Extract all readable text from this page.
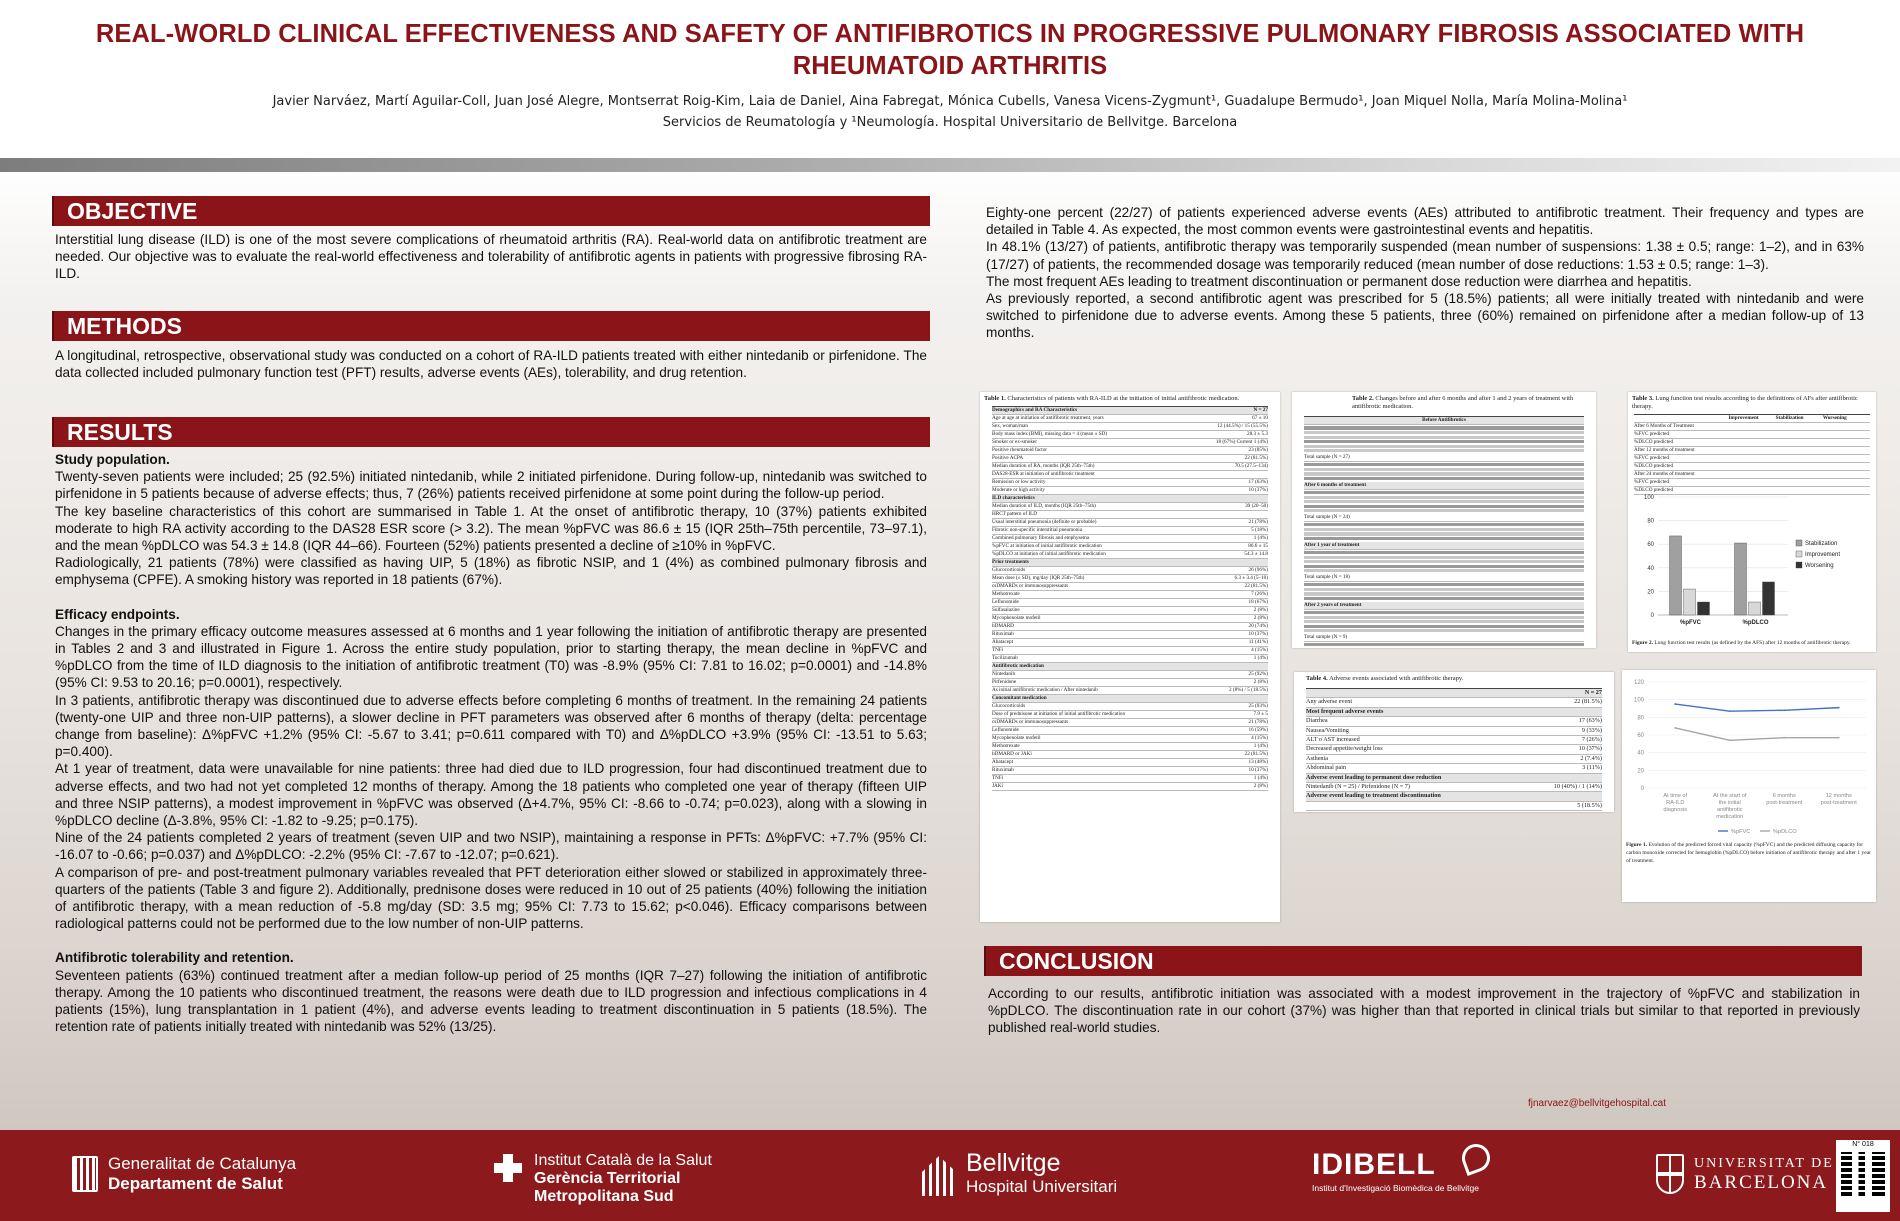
REAL-WORLD CLINICAL EFFECTIVENESS AND SAFETY OF ANTIFIBROTICS IN PROGRESSIVE PULMONARY FIBROSIS ASSOCIATED WITH RHEUMATOID ARTHRITIS
Javier Narváez, Martí Aguilar-Coll, Juan José Alegre, Montserrat Roig-Kim, Laia de Daniel, Aina Fabregat, Mónica Cubells, Vanesa Vicens-Zygmunt¹, Guadalupe Bermudo¹, Joan Miquel Nolla, María Molina-Molina¹
Servicios de Reumatología y ¹Neumología. Hospital Universitario de Bellvitge. Barcelona
OBJECTIVE

Interstitial lung disease (ILD) is one of the most severe complications of rheumatoid arthritis (RA). Real-world data on antifibrotic treatment are needed. Our objective was to evaluate the real-world effectiveness and tolerability of antifibrotic agents in patients with progressive fibrosing RA-ILD.

METHODS

A longitudinal, retrospective, observational study was conducted on a cohort of RA-ILD patients treated with either nintedanib or pirfenidone. The data collected included pulmonary function test (PFT) results, adverse events (AEs), tolerability, and drug retention.

RESULTS

Study population.

Twenty-seven patients were included; 25 (92.5%) initiated nintedanib, while 2 initiated pirfenidone. During follow-up, nintedanib was switched to pirfenidone in 5 patients because of adverse effects; thus, 7 (26%) patients received pirfenidone at some point during the follow-up period.

The key baseline characteristics of this cohort are summarised in Table 1. At the onset of antifibrotic therapy, 10 (37%) patients exhibited moderate to high RA activity according to the DAS28 ESR score (> 3.2). The mean %pFVC was 86.6 ± 15 (IQR 25th–75th percentile, 73–97.1), and the mean %pDLCO was 54.3 ± 14.8 (IQR 44–66). Fourteen (52%) patients presented a decline of ≥10% in %pFVC.

Radiologically, 21 patients (78%) were classified as having UIP, 5 (18%) as fibrotic NSIP, and 1 (4%) as combined pulmonary fibrosis and emphysema (CPFE). A smoking history was reported in 18 patients (67%).

Efficacy endpoints.

Changes in the primary efficacy outcome measures assessed at 6 months and 1 year following the initiation of antifibrotic therapy are presented in Tables 2 and 3 and illustrated in Figure 1. Across the entire study population, prior to starting therapy, the mean decline in %pFVC and %pDLCO from the time of ILD diagnosis to the initiation of antifibrotic treatment (T0) was -8.9% (95% CI: 7.81 to 16.02; p=0.0001) and -14.8% (95% CI: 9.53 to 20.16; p=0.0001), respectively.

In 3 patients, antifibrotic therapy was discontinued due to adverse effects before completing 6 months of treatment. In the remaining 24 patients (twenty-one UIP and three non-UIP patterns), a slower decline in PFT parameters was observed after 6 months of therapy (delta: percentage change from baseline): Δ%pFVC +1.2% (95% CI: -5.67 to 3.41; p=0.611 compared with T0) and Δ%pDLCO +3.9% (95% CI: -13.51 to 5.63; p=0.400).

At 1 year of treatment, data were unavailable for nine patients: three had died due to ILD progression, four had discontinued treatment due to adverse effects, and two had not yet completed 12 months of therapy. Among the 18 patients who completed one year of therapy (fifteen UIP and three NSIP patterns), a modest improvement in %pFVC was observed (Δ+4.7%, 95% CI: -8.66 to -0.74; p=0.023), along with a slowing in %pDLCO decline (Δ-3.8%, 95% CI: -1.82 to -9.25; p=0.175).

Nine of the 24 patients completed 2 years of treatment (seven UIP and two NSIP), maintaining a response in PFTs: Δ%pFVC: +7.7% (95% CI: -16.07 to -0.66; p=0.037) and Δ%pDLCO: -2.2% (95% CI: -7.67 to -12.07; p=0.621).

A comparison of pre- and post-treatment pulmonary variables revealed that PFT deterioration either slowed or stabilized in approximately three-quarters of the patients (Table 3 and figure 2). Additionally, prednisone doses were reduced in 10 out of 25 patients (40%) following the initiation of antifibrotic therapy, with a mean reduction of -5.8 mg/day (SD: 3.5 mg; 95% CI: 7.73 to 15.62; p<0.046). Efficacy comparisons between radiological patterns could not be performed due to the low number of non-UIP patterns.

Antifibrotic tolerability and retention.

Seventeen patients (63%) continued treatment after a median follow-up period of 25 months (IQR 7–27) following the initiation of antifibrotic therapy. Among the 10 patients who discontinued treatment, the reasons were death due to ILD progression and infectious complications in 4 patients (15%), lung transplantation in 1 patient (4%), and adverse events leading to treatment discontinuation in 5 patients (18.5%). The retention rate of patients initially treated with nintedanib was 52% (13/25).

Eighty-one percent (22/27) of patients experienced adverse events (AEs) attributed to antifibrotic treatment. Their frequency and types are detailed in Table 4. As expected, the most common events were gastrointestinal events and hepatitis.

In 48.1% (13/27) of patients, antifibrotic therapy was temporarily suspended (mean number of suspensions: 1.38 ± 0.5; range: 1–2), and in 63% (17/27) of patients, the recommended dosage was temporarily reduced (mean number of dose reductions: 1.53 ± 0.5; range: 1–3).

The most frequent AEs leading to treatment discontinuation or permanent dose reduction were diarrhea and hepatitis.

As previously reported, a second antifibrotic agent was prescribed for 5 (18.5%) patients; all were initially treated with nintedanib and were switched to pirfenidone due to adverse events. Among these 5 patients, three (60%) remained on pirfenidone after a median follow-up of 13 months.

Table 1. Characteristics of patients with RA-ILD at the initiation of initial antifibrotic medication.
Demographics and RA Characteristics	N = 27
Age at age at initiation of antifibrotic treatment, years	67 ± 10
Sex, woman/man	12 (44.5%) / 15 (55.5%)
Body mass index (BMI), missing data = 4 (mean ± SD)	28.3 ± 5.3
Smoker or ex-smoker	18 (67%) Current 1 (4%)
Positive rheumatoid factor	23 (85%)
Positive ACPA	22 (81.5%)
Median duration of RA, months (IQR 25th–75th)	70.5 (27.5–134)
DAS28-ESR at initiation of antifibrotic treatment
Remission or low activity	17 (63%)
Moderate or high activity	10 (37%)
ILD characteristics
Median duration of ILD, months (IQR 25th–75th)	39 (20–50)
HRCT pattern of ILD
Usual interstitial pneumonia (definite or probable)	21 (78%)
Fibrotic non-specific interstitial pneumonia	5 (18%)
Combined pulmonary fibrosis and emphysema	1 (4%)
%pFVC at initiation of initial antifibrotic medication	86.6 ± 15
%pDLCO at initiation of initial antifibrotic medication	54.3 ± 14.8
Prior treatments
Glucocorticoids	26 (96%)
Mean dose (± SD), mg/day (IQR 25th–75th)	6.3 ± 3.4 (5–10)
csDMARDs or immunosuppressants	22 (81.5%)
Methotrexate	7 (26%)
Leflunomide	18 (67%)
Sulfasalazine	2 (8%)
Mycophenolate mofetil	2 (8%)
bDMARD	20 (74%)
Rituximab	10 (37%)
Abatacept	11 (41%)
TNFi	4 (15%)
Tocilizumab	1 (4%)
Antifibrotic medication
Nintedanib	25 (92%)
Pirfenidone	2 (8%)
As initial antifibrotic medication / After nintedanib	2 (8%) / 5 (18.5%)
Concomitant medication
Glucocorticoids	25 (93%)
Dose of prednisone at initiation of initial antifibrotic medication	7.9 ± 5
csDMARDs or immunosuppressants	21 (78%)
Leflunomide	16 (59%)
Mycophenolate mofetil	4 (15%)
Methotrexate	1 (4%)
bDMARD or JAKi	22 (81.5%)
Abatacept	13 (48%)
Rituximab	10 (37%)
TNFi	1 (4%)
JAKi	2 (8%)
Table 2. Changes before and after 6 months and after 1 and 2 years of treatment with antifibrotic medication.
Before Antifibrotics
Total sample (N = 27)
After 6 months of treatment
Total sample (N = 24)
After 1 year of treatment
Total sample (N = 18)
After 2 years of treatment
Total sample (N = 9)
Table 3. Lung function test results according to the definitions of AFs after antifibrotic therapy.
Improvement	Stabilization	Worsening
After 6 Months of Treatment
%FVC predicted
%DLCO predicted
After 12 months of treatment
%FVC predicted
%DLCO predicted
After 24 months of treatment
%FVC predicted
%DLCO predicted
0
20
40
60
80
100
%pFVC	%pDLCO
Stabilization
Improvement
Worsening
Figure 2. Lung function test results (as defined by the AFS) after 12 months of antifibrotic therapy.
Table 4. Adverse events associated with antifibrotic therapy.
N = 27
Any adverse event	22 (81.5%)
Most frequent adverse events
Diarrhea	17 (63%)
Nausea/Vomiting	9 (33%)
ALT o AST increased	7 (26%)
Decreased appetite/weight loss	10 (37%)
Asthenia	2 (7.4%)
Abdominal pain	3 (11%)
Adverse event leading to permanent dose reduction
Nintedanib (N = 25) / Pirfenidone (N = 7)	10 (40%) / 1 (14%)
Adverse event leading to treatment discontinuation
5 (18.5%)
0
20
40
60
80
100
120
At time of RA-ILD diagnosis
At the start of the initial antifibrotic medication
6 months post-treatment
12 months post-treatment
%pFVC	%pDLCO
Figure 1. Evolution of the predicted forced vital capacity (%pFVC) and the predicted diffusing capacity for carbon monoxide corrected for hemoglobin (%pDLCO) before initiation of antifibrotic therapy and after 1 year of treatment.
CONCLUSION

According to our results, antifibrotic initiation was associated with a modest improvement in the trajectory of %pFVC and stabilization in %pDLCO. The discontinuation rate in our cohort (37%) was higher than that reported in clinical trials but similar to that reported in previously published real-world studies.

fjnarvaez@bellvitgehospital.cat
Generalitat de Catalunya
Departament de Salut
Institut Català de la Salut
Gerència Territorial
Metropolitana Sud
Bellvitge
Hospital Universitari
IDIBELL
Institut d'Investigació Biomèdica de Bellvitge
UNIVERSITAT DE
BARCELONA
N° 018
